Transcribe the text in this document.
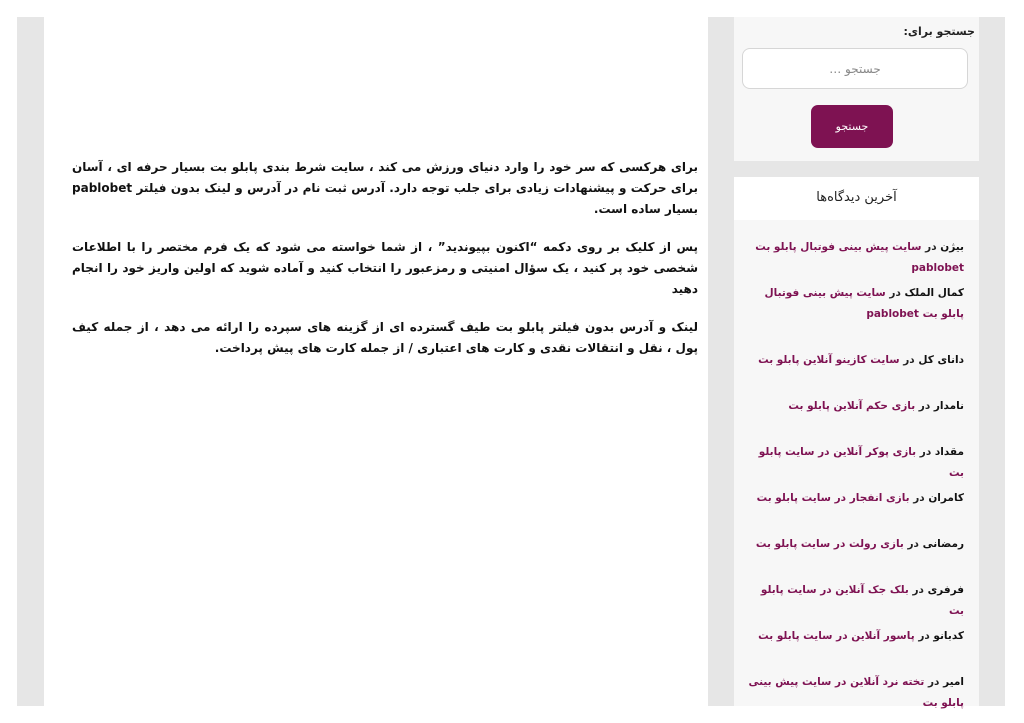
برای هرکسی که سر خود را وارد دنیای ورزش می کند ، سایت شرط بندی پابلو بت بسیار حرفه ای ، آسان برای حرکت و پیشنهادات زیادی برای جلب توجه دارد. آدرس ثبت نام در آدرس و لینک بدون فیلتر pablobet بسیار ساده است.

پس از کلیک بر روی دکمه “اکنون بپیوندید” ، از شما خواسته می شود که یک فرم مختصر را با اطلاعات شخصی خود پر کنید ، یک سؤال امنیتی و رمزعبور را انتخاب کنید و آماده شوید که اولین واریز خود را انجام دهید

لینک و آدرس بدون فیلتر پابلو بت طیف گسترده ای از گزینه های سپرده را ارائه می دهد ، از جمله کیف پول ، نقل و انتقالات نقدی و کارت های اعتباری / از جمله کارت های پیش پرداخت.

جستجو برای:
جستجو …
جستجو
آخرین دیدگاه‌ها
بیژن در سایت پیش بینی فوتبال پابلو بت pablobet
کمال الملک در سایت پیش بینی فوتبال پابلو بت pablobet
دانای کل در سایت کازینو آنلاین پابلو بت
نامدار در بازی حکم آنلاین پابلو بت
مقداد در بازی پوکر آنلاین در سایت پابلو بت
کامران در بازی انفجار در سایت پابلو بت
رمضانی در بازی رولت در سایت پابلو بت
فرفری در بلک جک آنلاین در سایت پابلو بت
کدبانو در پاسور آنلاین در سایت پابلو بت
امیر در تخته نرد آنلاین در سایت پیش بینی پابلو بت
